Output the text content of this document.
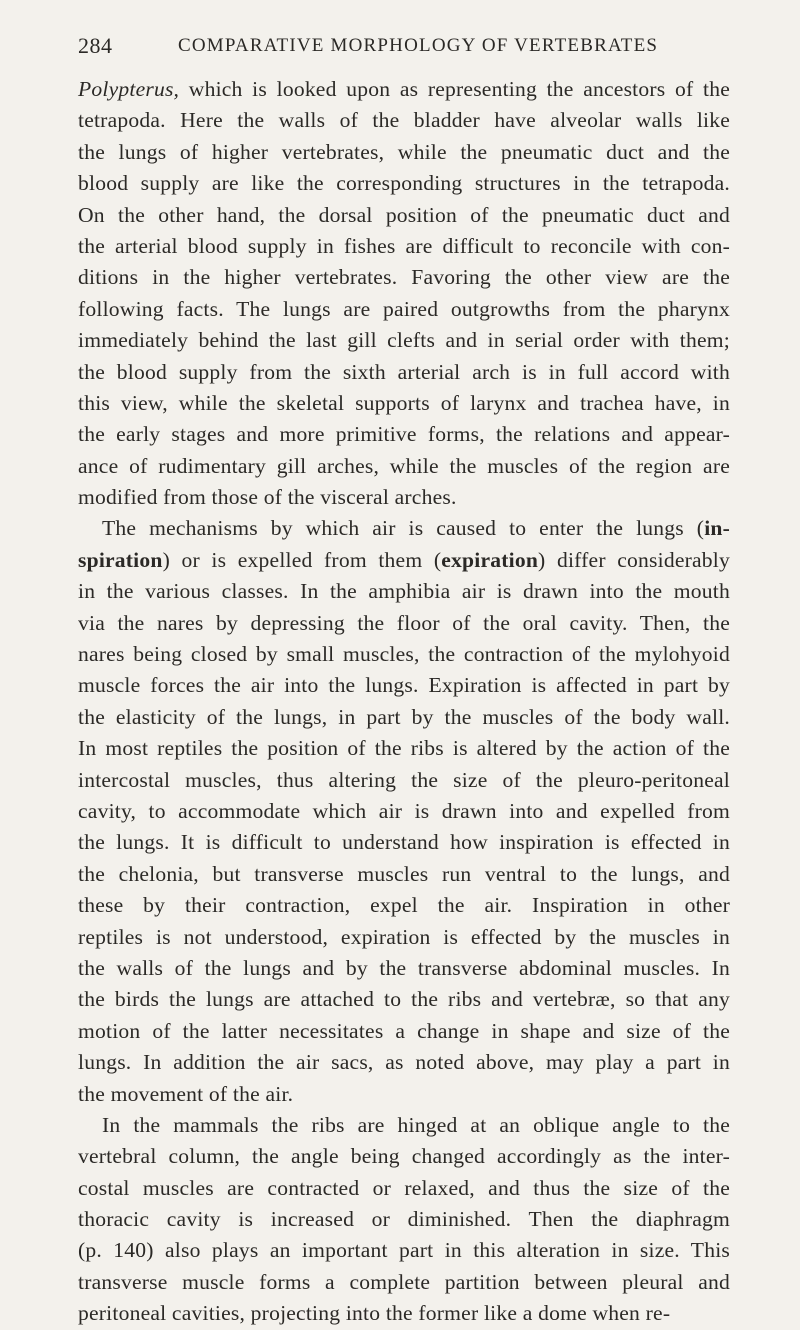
284	COMPARATIVE MORPHOLOGY OF VERTEBRATES
Polypterus, which is looked upon as representing the ancestors of the
tetrapoda. Here the walls of the bladder have alveolar walls like
the lungs of higher vertebrates, while the pneumatic duct and the
blood supply are like the corresponding structures in the tetrapoda.
On the other hand, the dorsal position of the pneumatic duct and
the arterial blood supply in fishes are difficult to reconcile with con-
ditions in the higher vertebrates. Favoring the other view are the
following facts. The lungs are paired outgrowths from the pharynx
immediately behind the last gill clefts and in serial order with them;
the blood supply from the sixth arterial arch is in full accord with
this view, while the skeletal supports of larynx and trachea have, in
the early stages and more primitive forms, the relations and appear-
ance of rudimentary gill arches, while the muscles of the region are
modified from those of the visceral arches.
The mechanisms by which air is caused to enter the lungs (in-
spiration) or is expelled from them (expiration) differ considerably
in the various classes. In the amphibia air is drawn into the mouth
via the nares by depressing the floor of the oral cavity. Then, the
nares being closed by small muscles, the contraction of the mylohyoid
muscle forces the air into the lungs. Expiration is affected in part by
the elasticity of the lungs, in part by the muscles of the body wall.
In most reptiles the position of the ribs is altered by the action of the
intercostal muscles, thus altering the size of the pleuro-peritoneal
cavity, to accommodate which air is drawn into and expelled from
the lungs. It is difficult to understand how inspiration is effected in
the chelonia, but transverse muscles run ventral to the lungs, and
these by their contraction, expel the air. Inspiration in other
reptiles is not understood, expiration is effected by the muscles in
the walls of the lungs and by the transverse abdominal muscles. In
the birds the lungs are attached to the ribs and vertebræ, so that any
motion of the latter necessitates a change in shape and size of the
lungs. In addition the air sacs, as noted above, may play a part in
the movement of the air.
In the mammals the ribs are hinged at an oblique angle to the
vertebral column, the angle being changed accordingly as the inter-
costal muscles are contracted or relaxed, and thus the size of the
thoracic cavity is increased or diminished. Then the diaphragm
(p. 140) also plays an important part in this alteration in size. This
transverse muscle forms a complete partition between pleural and
peritoneal cavities, projecting into the former like a dome when re-
